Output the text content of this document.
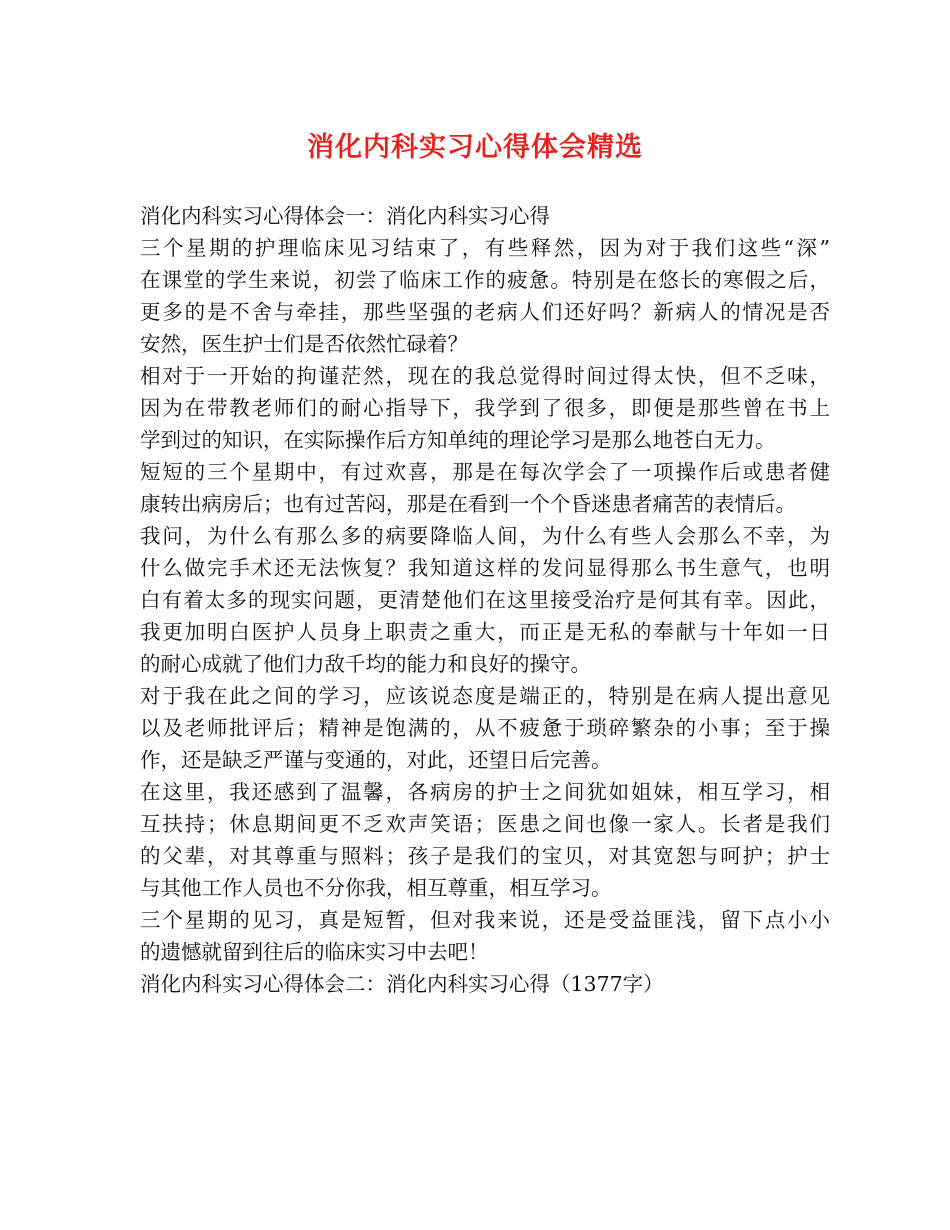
消化内科实习心得体会精选
消化内科实习心得体会一：消化内科实习心得
三个星期的护理临床见习结束了，有些释然，因为对于我们这些“深”
在课堂的学生来说，初尝了临床工作的疲惫。特别是在悠长的寒假之后，
更多的是不舍与牵挂，那些坚强的老病人们还好吗？新病人的情况是否
安然，医生护士们是否依然忙碌着？
相对于一开始的拘谨茫然，现在的我总觉得时间过得太快，但不乏味，
因为在带教老师们的耐心指导下，我学到了很多，即便是那些曾在书上
学到过的知识，在实际操作后方知单纯的理论学习是那么地苍白无力。
短短的三个星期中，有过欢喜，那是在每次学会了一项操作后或患者健
康转出病房后；也有过苦闷，那是在看到一个个昏迷患者痛苦的表情后。
我问，为什么有那么多的病要降临人间，为什么有些人会那么不幸，为
什么做完手术还无法恢复？我知道这样的发问显得那么书生意气，也明
白有着太多的现实问题，更清楚他们在这里接受治疗是何其有幸。因此，
我更加明白医护人员身上职责之重大，而正是无私的奉献与十年如一日
的耐心成就了他们力敌千均的能力和良好的操守。
对于我在此之间的学习，应该说态度是端正的，特别是在病人提出意见
以及老师批评后；精神是饱满的，从不疲惫于琐碎繁杂的小事；至于操
作，还是缺乏严谨与变通的，对此，还望日后完善。
在这里，我还感到了温馨，各病房的护士之间犹如姐妹，相互学习，相
互扶持；休息期间更不乏欢声笑语；医患之间也像一家人。长者是我们
的父辈，对其尊重与照料；孩子是我们的宝贝，对其宽恕与呵护；护士
与其他工作人员也不分你我，相互尊重，相互学习。
三个星期的见习，真是短暂，但对我来说，还是受益匪浅，留下点小小
的遗憾就留到往后的临床实习中去吧！
消化内科实习心得体会二：消化内科实习心得（1377字）
